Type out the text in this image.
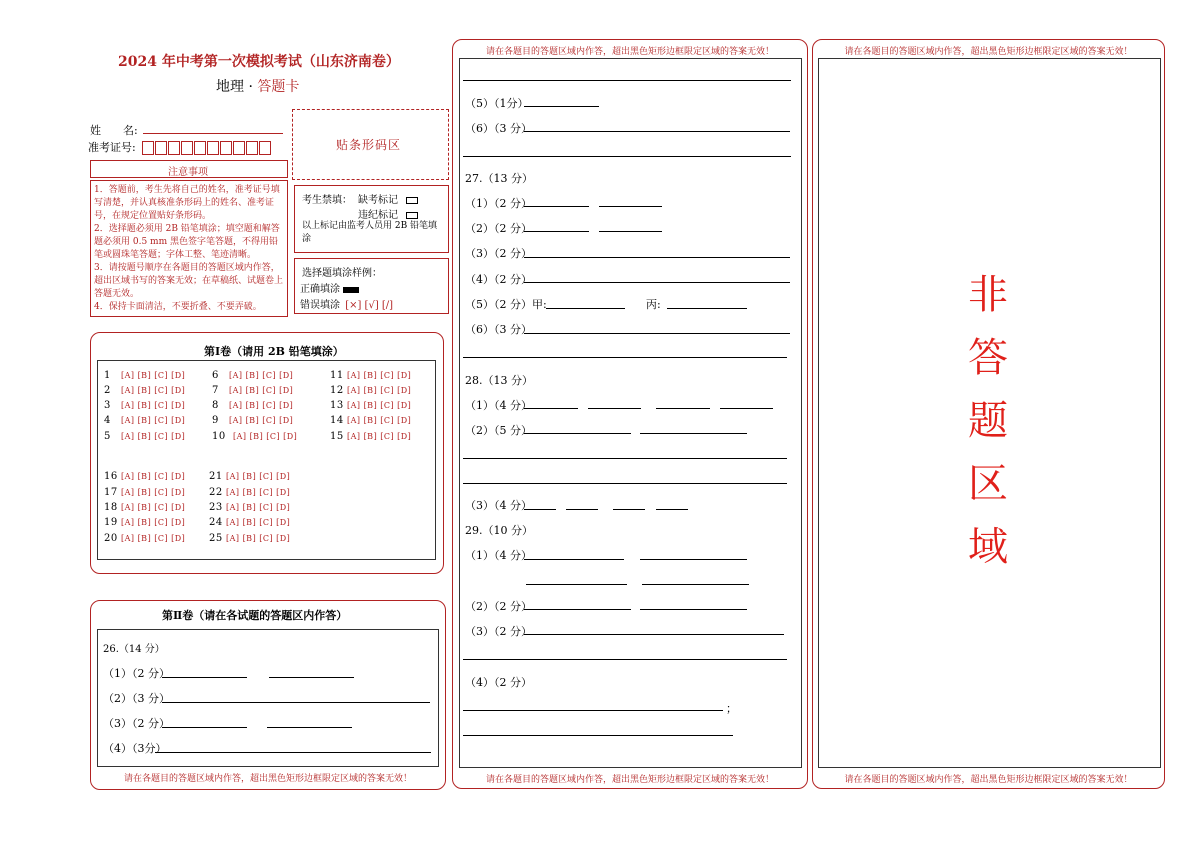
2024 年中考第一次模拟考试（山东济南卷）
地理 · 答题卡
姓　　名:
准考证号:	贴条形码区
注意事项
1．答题前，考生先将自己的姓名，准考证号填写清楚，并认真核准条形码上的姓名、准考证号，在规定位置贴好条形码。
2．选择题必须用 2B 铅笔填涂；填空题和解答题必须用 0.5 mm 黑色签字笔答题，不得用铅笔或圆珠笔答题；字体工整、笔迹清晰。
3．请按题号顺序在各题目的答题区域内作答，超出区域书写的答案无效；在草稿纸、试题卷上答题无效。
4．保持卡面清洁，不要折叠、不要弄破。
考生禁填： 缺考标记
违纪标记
以上标记由监考人员用 2B 铅笔填涂
选择题填涂样例：
正确填涂
错误填涂 [×] [√] [/]
第Ⅰ卷（请用 2B 铅笔填涂）
1 [A] [B] [C] [D]
2 [A] [B] [C] [D]
3 [A] [B] [C] [D]
4 [A] [B] [C] [D]
5 [A] [B] [C] [D]
6 [A] [B] [C] [D]
7 [A] [B] [C] [D]
8 [A] [B] [C] [D]
9 [A] [B] [C] [D]
10 [A] [B] [C] [D]
11 [A] [B] [C] [D]
12 [A] [B] [C] [D]
13 [A] [B] [C] [D]
14 [A] [B] [C] [D]
15 [A] [B] [C] [D]
16 [A] [B] [C] [D]
17 [A] [B] [C] [D]
18 [A] [B] [C] [D]
19 [A] [B] [C] [D]
20 [A] [B] [C] [D]
21 [A] [B] [C] [D]
22 [A] [B] [C] [D]
23 [A] [B] [C] [D]
24 [A] [B] [C] [D]
25 [A] [B] [C] [D]
第Ⅱ卷（请在各试题的答题区内作答）
26.（14 分）
（1）（2 分）
（2）（3 分）
（3）（2 分）
（4）（3分）
请在各题目的答题区域内作答，超出黑色矩形边框限定区域的答案无效！
请在各题目的答题区域内作答，超出黑色矩形边框限定区域的答案无效！
（5）（1分）
（6）（3 分）
27.（13 分）
（1）（2 分）
（2）（2 分）
（3）（2 分）
（4）（2 分）
（5）（2 分）甲:	丙:
（6）（3 分）
28.（13 分）
（1）（4 分）
（2）（5 分）
（3）（4 分）
29.（10 分）
（1）（4 分）
（2）（2 分）
（3）（2 分）
（4）（2 分）
；
请在各题目的答题区域内作答，超出黑色矩形边框限定区域的答案无效！
请在各题目的答题区域内作答，超出黑色矩形边框限定区域的答案无效！
非
答
题
区
域
请在各题目的答题区域内作答，超出黑色矩形边框限定区域的答案无效！
